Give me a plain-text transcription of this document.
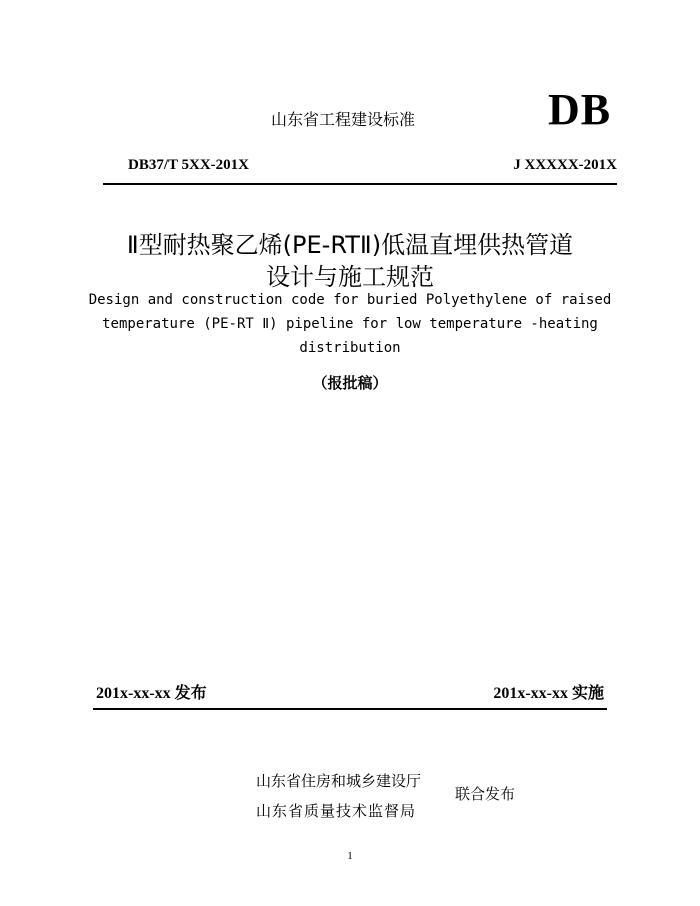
山东省工程建设标准	DB
DB37/T 5XX-201X	J XXXXX-201X
Ⅱ型耐热聚乙烯(PE-RTⅡ)低温直埋供热管道
设计与施工规范
Design and construction code for buried Polyethylene of raised
temperature (PE-RT Ⅱ) pipeline for low temperature -heating
distribution
（报批稿）
201x-xx-xx 发布	201x-xx-xx 实施
山东省住房和城乡建设厅
山东省质量技术监督局
联合发布
1
